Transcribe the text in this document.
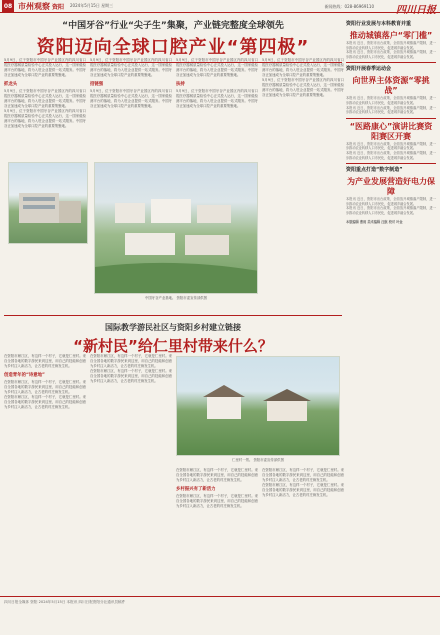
08 市州观察 资阳 2024年5月15日 星期三	新闻热线：028-86969110 四川日报
“中国牙谷”行业“尖子生”集聚，产业链完整度全球领先
资阳迈向全球口腔产业“第四极”
5月9日，位于资阳市中国牙谷产业园区内的四川省口腔医疗器械质量检验中心正式投入运行，这一国家级检测平台的落地，将为入驻企业提供一站式服务。中国牙谷正加速成为全球口腔产业的重要集聚地。
抓龙头
5月9日，位于资阳市中国牙谷产业园区内的四川省口腔医疗器械质量检验中心正式投入运行，这一国家级检测平台的落地，将为入驻企业提供一站式服务。中国牙谷正加速成为全球口腔产业的重要集聚地。
5月9日，位于资阳市中国牙谷产业园区内的四川省口腔医疗器械质量检验中心正式投入运行，这一国家级检测平台的落地，将为入驻企业提供一站式服务。中国牙谷正加速成为全球口腔产业的重要集聚地。
5月9日，位于资阳市中国牙谷产业园区内的四川省口腔医疗器械质量检验中心正式投入运行，这一国家级检测平台的落地，将为入驻企业提供一站式服务。中国牙谷正加速成为全球口腔产业的重要集聚地。
招链强
5月9日，位于资阳市中国牙谷产业园区内的四川省口腔医疗器械质量检验中心正式投入运行，这一国家级检测平台的落地，将为入驻企业提供一站式服务。中国牙谷正加速成为全球口腔产业的重要集聚地。
5月9日，位于资阳市中国牙谷产业园区内的四川省口腔医疗器械质量检验中心正式投入运行，这一国家级检测平台的落地，将为入驻企业提供一站式服务。中国牙谷正加速成为全球口腔产业的重要集聚地。
扶持
5月9日，位于资阳市中国牙谷产业园区内的四川省口腔医疗器械质量检验中心正式投入运行，这一国家级检测平台的落地，将为入驻企业提供一站式服务。中国牙谷正加速成为全球口腔产业的重要集聚地。
5月9日，位于资阳市中国牙谷产业园区内的四川省口腔医疗器械质量检验中心正式投入运行，这一国家级检测平台的落地，将为入驻企业提供一站式服务。中国牙谷正加速成为全球口腔产业的重要集聚地。
5月9日，位于资阳市中国牙谷产业园区内的四川省口腔医疗器械质量检验中心正式投入运行，这一国家级检测平台的落地，将为入驻企业提供一站式服务。中国牙谷正加速成为全球口腔产业的重要集聚地。
中国牙谷产业基地。 资阳市委宣传部供图
国际教学游民社区与资阳乡村建立链接
“新村民”给仁里村带来什么？
在资阳市雁江区，有这样一个村子，它就是仁里村。来自全国各地的数字游民来到这里，用自己的技能和创意为乡村注入新活力，让古老的村庄焕发生机。
创造青年的“诗意地”
在资阳市雁江区，有这样一个村子，它就是仁里村。来自全国各地的数字游民来到这里，用自己的技能和创意为乡村注入新活力，让古老的村庄焕发生机。
在资阳市雁江区，有这样一个村子，它就是仁里村。来自全国各地的数字游民来到这里，用自己的技能和创意为乡村注入新活力，让古老的村庄焕发生机。
在资阳市雁江区，有这样一个村子，它就是仁里村。来自全国各地的数字游民来到这里，用自己的技能和创意为乡村注入新活力，让古老的村庄焕发生机。
在资阳市雁江区，有这样一个村子，它就是仁里村。来自全国各地的数字游民来到这里，用自己的技能和创意为乡村注入新活力，让古老的村庄焕发生机。
仁里村一景。 资阳市委宣传部供图
在资阳市雁江区，有这样一个村子，它就是仁里村。来自全国各地的数字游民来到这里，用自己的技能和创意为乡村注入新活力，让古老的村庄焕发生机。
乡村振兴有了新活力
在资阳市雁江区，有这样一个村子，它就是仁里村。来自全国各地的数字游民来到这里，用自己的技能和创意为乡村注入新活力，让古老的村庄焕发生机。
在资阳市雁江区，有这样一个村子，它就是仁里村。来自全国各地的数字游民来到这里，用自己的技能和创意为乡村注入新活力，让古老的村庄焕发生机。
在资阳市雁江区，有这样一个村子，它就是仁里村。来自全国各地的数字游民来到这里，用自己的技能和创意为乡村注入新活力，让古老的村庄焕发生机。
资阳行业发展与本科教育并重
推动城镇落户“零门槛”
本报讯 近日，资阳市出台政策，全面放开城镇落户限制，进一步推动农业转移人口市民化，促进城乡融合发展。
本报讯 近日，资阳市出台政策，全面放开城镇落户限制，进一步推动农业转移人口市民化，促进城乡融合发展。
资阳开展春季运动会
向世界主体资源“零挑战”
本报讯 近日，资阳市出台政策，全面放开城镇落户限制，进一步推动农业转移人口市民化，促进城乡融合发展。
本报讯 近日，资阳市出台政策，全面放开城镇落户限制，进一步推动农业转移人口市民化，促进城乡融合发展。
“医路康心”演讲比赛资阳赛区开赛
本报讯 近日，资阳市出台政策，全面放开城镇落户限制，进一步推动农业转移人口市民化，促进城乡融合发展。
本报讯 近日，资阳市出台政策，全面放开城镇落户限制，进一步推动农业转移人口市民化，促进城乡融合发展。
资阳重点打造“数字制造”
为产业发展营造好电力保障
本报讯 近日，资阳市出台政策，全面放开城镇落户限制，进一步推动农业转移人口市民化，促进城乡融合发展。
本报讯 近日，资阳市出台政策，全面放开城镇落户限制，进一步推动农业转移人口市民化，促进城乡融合发展。
本版编辑 曹雨 美术编辑 汪航 校对 叶金
四川日报全媒体 资阳 2024年5月15日 本报讯 四川日报资阳分社通讯员稿件
